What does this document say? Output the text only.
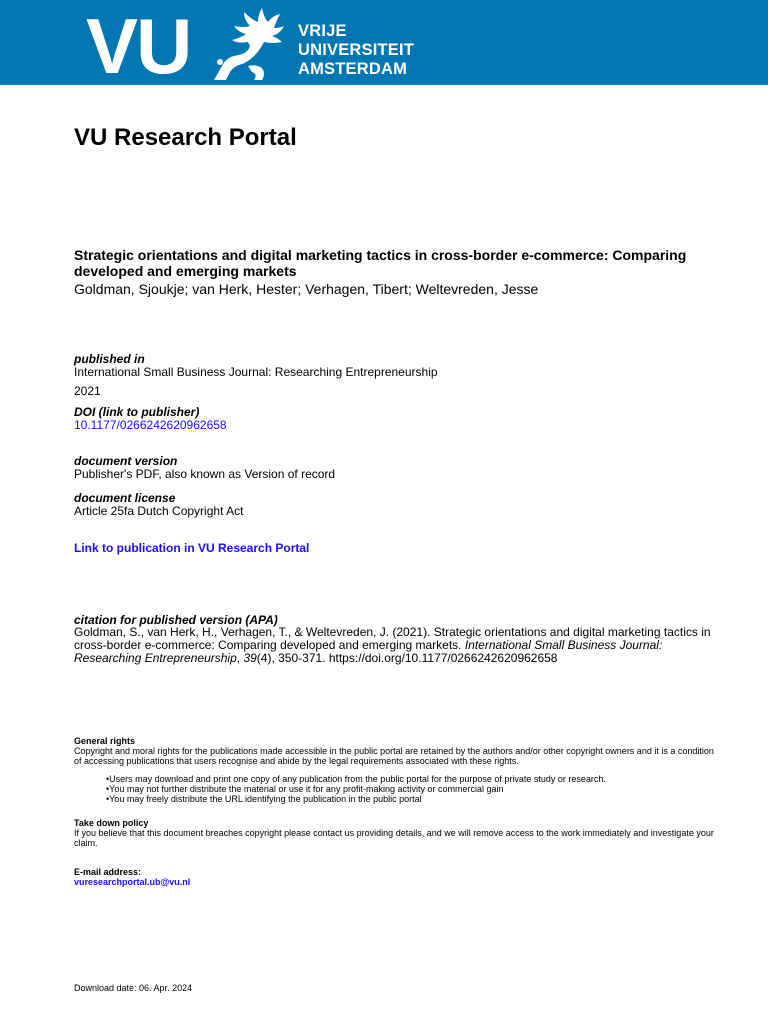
VU	VRIJE
UNIVERSITEIT
AMSTERDAM
VU Research Portal
Strategic orientations and digital marketing tactics in cross-border e-commerce: Comparing developed and emerging markets
Goldman, Sjoukje; van Herk, Hester; Verhagen, Tibert; Weltevreden, Jesse
published in
International Small Business Journal: Researching Entrepreneurship
2021
DOI (link to publisher)
10.1177/0266242620962658
document version
Publisher's PDF, also known as Version of record
document license
Article 25fa Dutch Copyright Act
Link to publication in VU Research Portal
citation for published version (APA)
Goldman, S., van Herk, H., Verhagen, T., & Weltevreden, J. (2021). Strategic orientations and digital marketing tactics in cross-border e-commerce: Comparing developed and emerging markets. International Small Business Journal: Researching Entrepreneurship, 39(4), 350-371. https://doi.org/10.1177/0266242620962658
General rights
Copyright and moral rights for the publications made accessible in the public portal are retained by the authors and/or other copyright owners and it is a condition of accessing publications that users recognise and abide by the legal requirements associated with these rights.
• Users may download and print one copy of any publication from the public portal for the purpose of private study or research.
• You may not further distribute the material or use it for any profit-making activity or commercial gain
• You may freely distribute the URL identifying the publication in the public portal
Take down policy
If you believe that this document breaches copyright please contact us providing details, and we will remove access to the work immediately and investigate your claim.
E-mail address:
vuresearchportal.ub@vu.nl
Download date: 06. Apr. 2024
